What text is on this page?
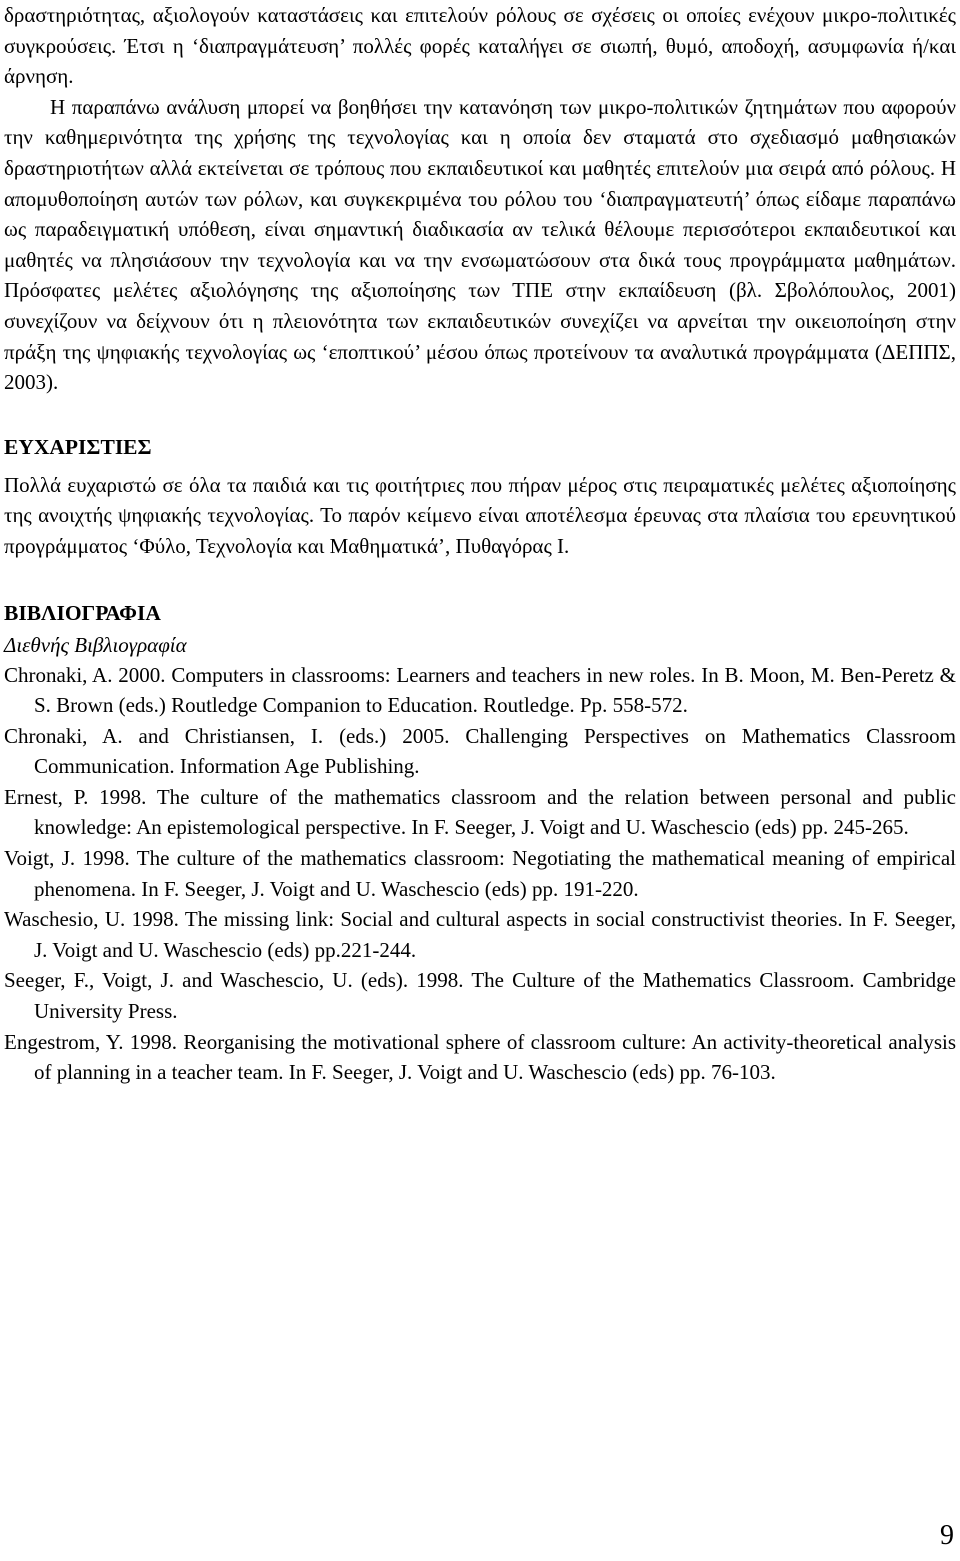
δραστηριότητας, αξιολογούν καταστάσεις και επιτελούν ρόλους σε σχέσεις οι οποίες ενέχουν μικρο-πολιτικές συγκρούσεις. Έτσι η ‘διαπραγμάτευση’ πολλές φορές καταλήγει σε σιωπή, θυμό, αποδοχή, ασυμφωνία ή/και άρνηση.

Η παραπάνω ανάλυση μπορεί να βοηθήσει την κατανόηση των μικρο-πολιτικών ζητημάτων που αφορούν την καθημερινότητα της χρήσης της τεχνολογίας και η οποία δεν σταματά στο σχεδιασμό μαθησιακών δραστηριοτήτων αλλά εκτείνεται σε τρόπους που εκπαιδευτικοί και μαθητές επιτελούν μια σειρά από ρόλους. Η απομυθοποίηση αυτών των ρόλων, και συγκεκριμένα του ρόλου του ‘διαπραγματευτή’ όπως είδαμε παραπάνω ως παραδειγματική υπόθεση, είναι σημαντική διαδικασία αν τελικά θέλουμε περισσότεροι εκπαιδευτικοί και μαθητές να πλησιάσουν την τεχνολογία και να την ενσωματώσουν στα δικά τους προγράμματα μαθημάτων. Πρόσφατες μελέτες αξιολόγησης της αξιοποίησης των ΤΠΕ στην εκπαίδευση (βλ. Σβολόπουλος, 2001) συνεχίζουν να δείχνουν ότι η πλειονότητα των εκπαιδευτικών συνεχίζει να αρνείται την οικειοποίηση στην πράξη της ψηφιακής τεχνολογίας ως ‘εποπτικού’ μέσου όπως προτείνουν τα αναλυτικά προγράμματα (ΔΕΠΠΣ, 2003).

ΕΥΧΑΡΙΣΤΙΕΣ

Πολλά ευχαριστώ σε όλα τα παιδιά και τις φοιτήτριες που πήραν μέρος στις πειραματικές μελέτες αξιοποίησης της ανοιχτής ψηφιακής τεχνολογίας. Το παρόν κείμενο είναι αποτέλεσμα έρευνας στα πλαίσια του ερευνητικού προγράμματος ‘Φύλο, Τεχνολογία και Μαθηματικά’, Πυθαγόρας Ι.

ΒΙΒΛΙΟΓΡΑΦΙΑ
Διεθνής Βιβλιογραφία

Chronaki, A. 2000. Computers in classrooms: Learners and teachers in new roles. In B. Moon, M. Ben-Peretz & S. Brown (eds.) Routledge Companion to Education. Routledge. Pp. 558-572.

Chronaki, A. and Christiansen, I. (eds.) 2005. Challenging Perspectives on Mathematics Classroom Communication. Information Age Publishing.

Ernest, P. 1998. The culture of the mathematics classroom and the relation between personal and public knowledge: An epistemological perspective. In F. Seeger, J. Voigt and U. Waschescio (eds) pp. 245-265.

Voigt, J. 1998. The culture of the mathematics classroom: Negotiating the mathematical meaning of empirical phenomena. In F. Seeger, J. Voigt and U. Waschescio (eds) pp. 191-220.

Waschesio, U. 1998. The missing link: Social and cultural aspects in social constructivist theories. In F. Seeger, J. Voigt and U. Waschescio (eds) pp.221-244.

Seeger, F., Voigt, J. and Waschescio, U. (eds). 1998. The Culture of the Mathematics Classroom. Cambridge University Press.

Engestrom, Y. 1998. Reorganising the motivational sphere of classroom culture: An activity-theoretical analysis of planning in a teacher team. In F. Seeger, J. Voigt and U. Waschescio (eds) pp. 76-103.

9
